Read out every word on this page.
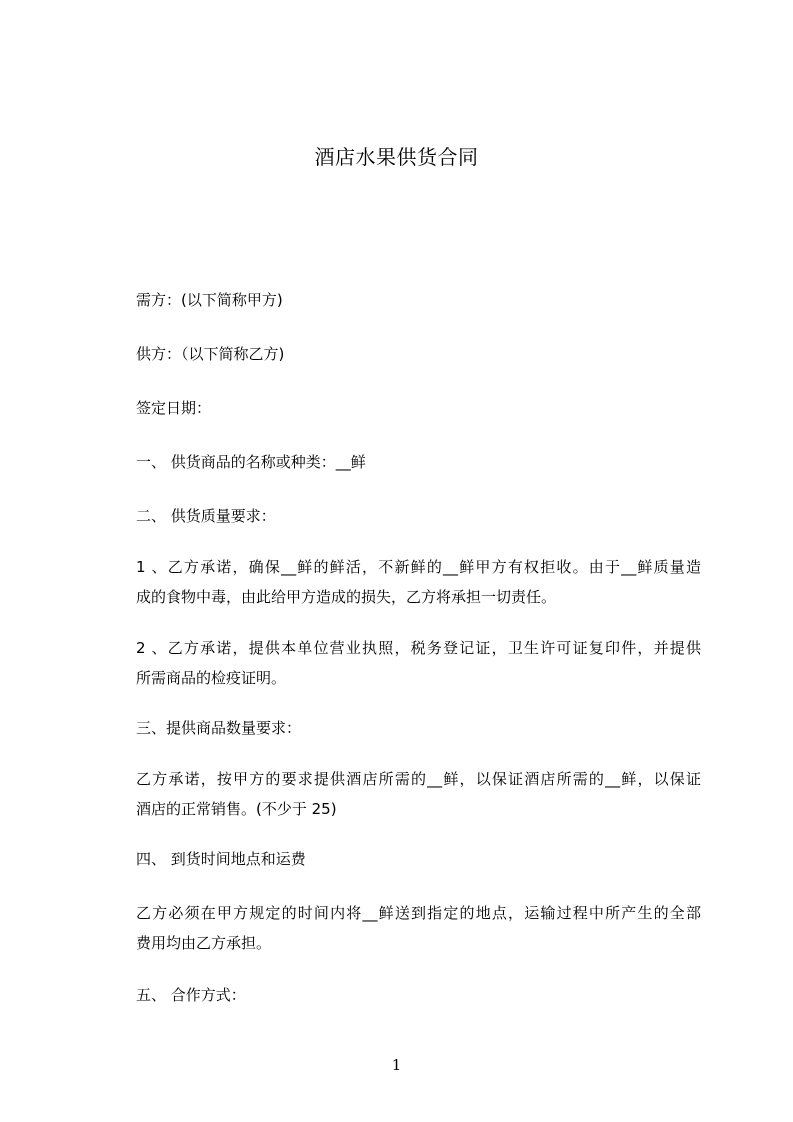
酒店水果供货合同
需方：(以下简称甲方)
供方：（以下简称乙方)
签定日期：
一、 供货商品的名称或种类：__鲜
二、 供货质量要求：
1 、乙方承诺，确保__鲜的鲜活，不新鲜的__鲜甲方有权拒收。由于__鲜质量造
成的食物中毒，由此给甲方造成的损失，乙方将承担一切责任。
2 、乙方承诺，提供本单位营业执照，税务登记证，卫生许可证复印件，并提供
所需商品的检疫证明。
三、提供商品数量要求：
乙方承诺，按甲方的要求提供酒店所需的__鲜，以保证酒店所需的__鲜，以保证
酒店的正常销售。(不少于 25)
四、 到货时间地点和运费
乙方必须在甲方规定的时间内将__鲜送到指定的地点，运输过程中所产生的全部
费用均由乙方承担。
五、 合作方式：
1
